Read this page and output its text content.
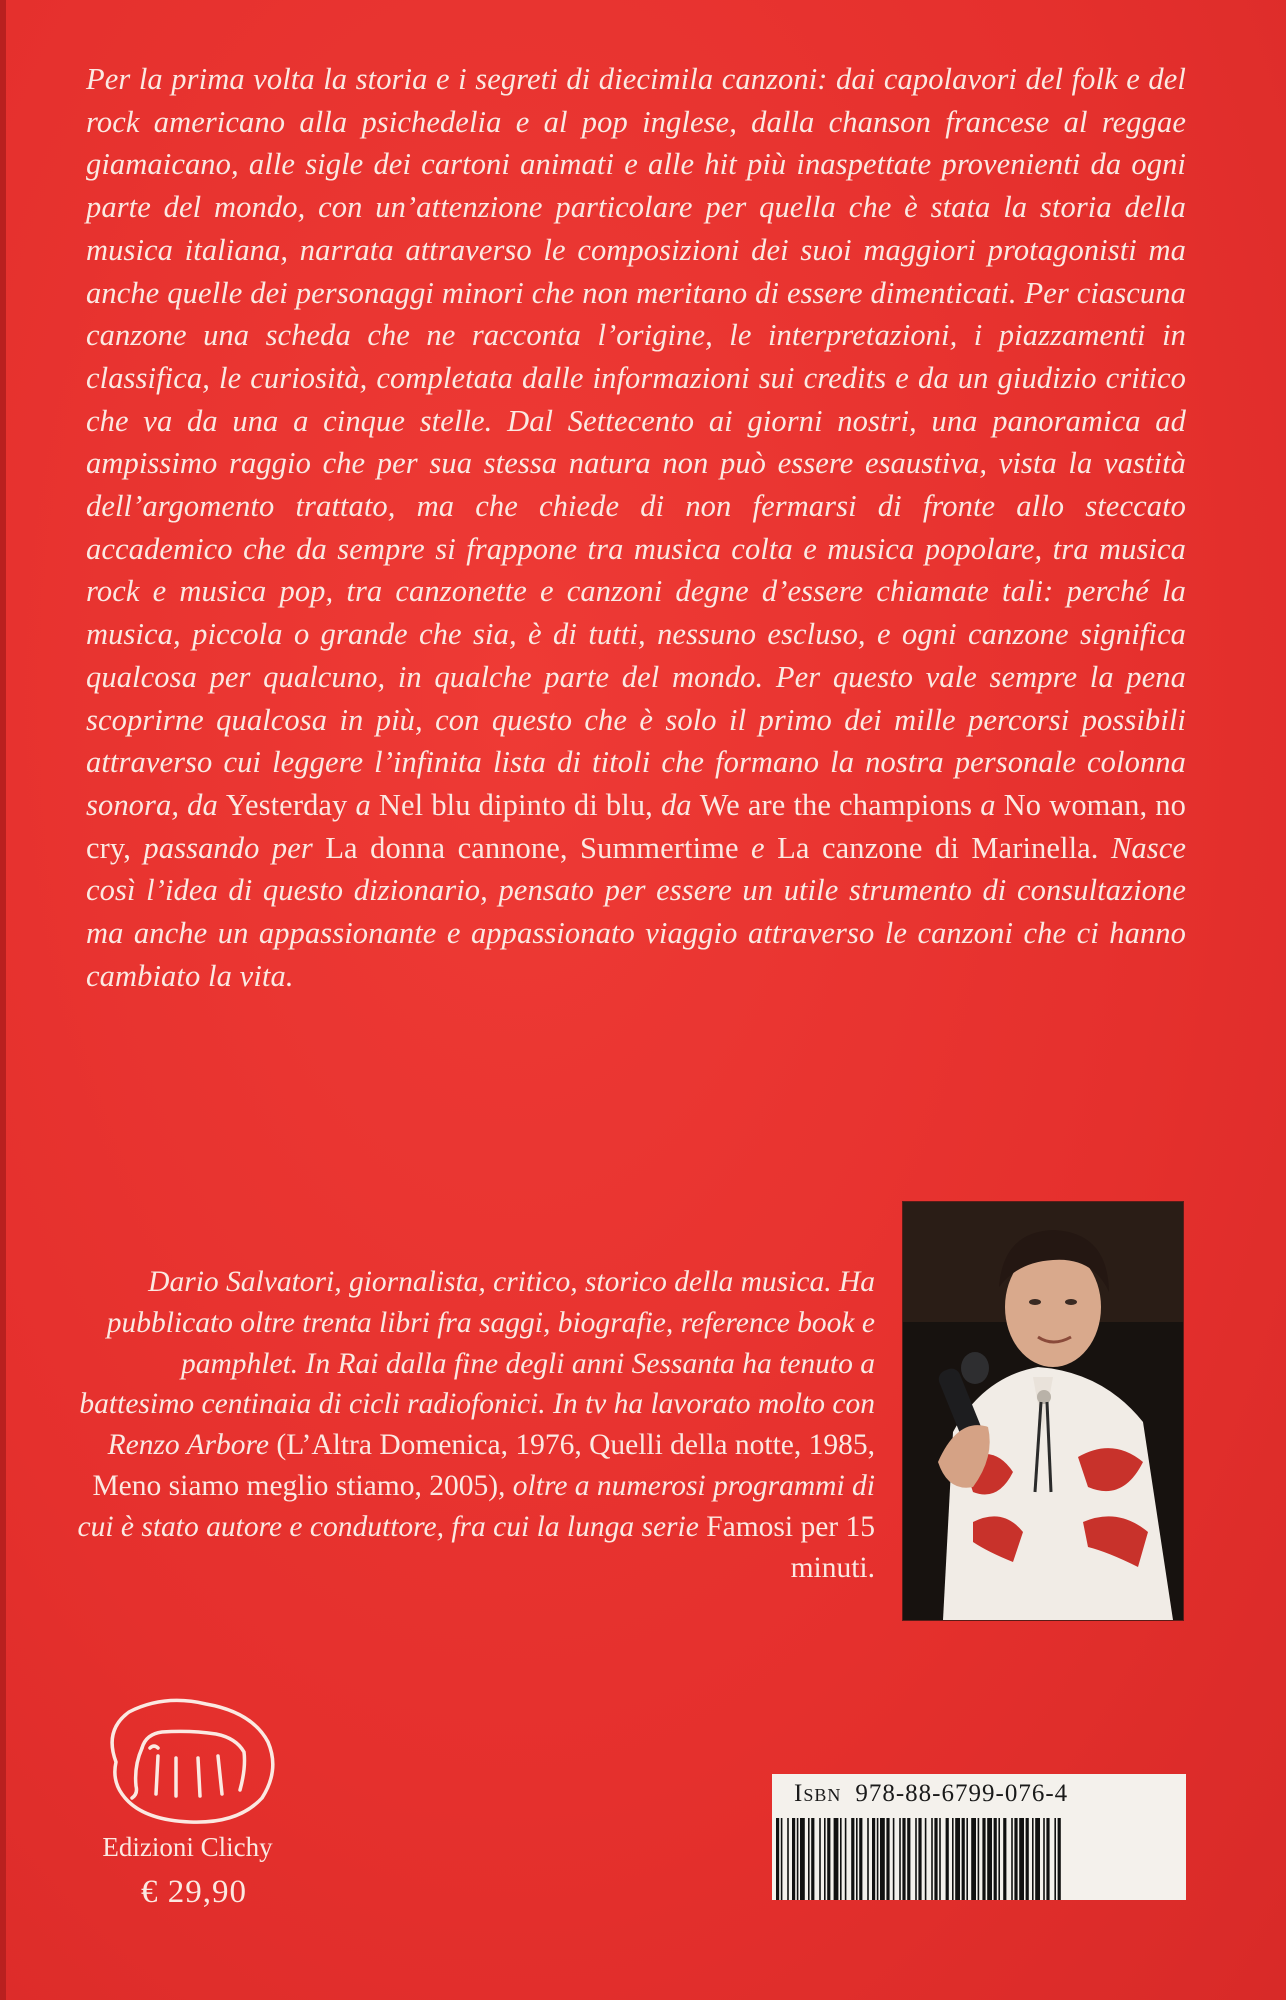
Per la prima volta la storia e i segreti di diecimila canzoni: dai capolavori del folk e del rock americano alla psichedelia e al pop inglese, dalla chanson francese al reggae giamaicano, alle sigle dei cartoni animati e alle hit più inaspettate provenienti da ogni parte del mondo, con un’attenzione particolare per quella che è stata la storia della musica italiana, narrata attraverso le composizioni dei suoi maggiori protagonisti ma anche quelle dei personaggi minori che non meritano di essere dimenticati. Per ciascuna canzone una scheda che ne racconta l’origine, le interpretazioni, i piazzamenti in classifica, le curiosità, completata dalle informazioni sui credits e da un giudizio critico che va da una a cinque stelle. Dal Settecento ai giorni nostri, una panoramica ad ampissimo raggio che per sua stessa natura non può essere esaustiva, vista la vastità dell’argomento trattato, ma che chiede di non fermarsi di fronte allo steccato accademico che da sempre si frappone tra musica colta e musica popolare, tra musica rock e musica pop, tra canzonette e canzoni degne d’essere chiamate tali: perché la musica, piccola o grande che sia, è di tutti, nessuno escluso, e ogni canzone significa qualcosa per qualcuno, in qualche parte del mondo. Per questo vale sempre la pena scoprirne qualcosa in più, con questo che è solo il primo dei mille percorsi possibili attraverso cui leggere l’infinita lista di titoli che formano la nostra personale colonna sonora, da Yesterday a Nel blu dipinto di blu, da We are the champions a No woman, no cry, passando per La donna cannone, Summertime e La canzone di Marinella. Nasce così l’idea di questo dizionario, pensato per essere un utile strumento di consultazione ma anche un appassionante e appassionato viaggio attraverso le canzoni che ci hanno cambiato la vita.

Dario Salvatori, giornalista, critico, storico della musica. Ha pubblicato oltre trenta libri fra saggi, biografie, reference book e pamphlet. In Rai dalla fine degli anni Sessanta ha tenuto a battesimo centinaia di cicli radiofonici. In tv ha lavorato molto con Renzo Arbore (L’Altra Domenica, 1976, Quelli della notte, 1985, Meno siamo meglio stiamo, 2005), oltre a numerosi programmi di cui è stato autore e conduttore, fra cui la lunga serie Famosi per 15 minuti.

Edizioni Clichy
€ 29,90
Isbn 978-88-6799-076-4
